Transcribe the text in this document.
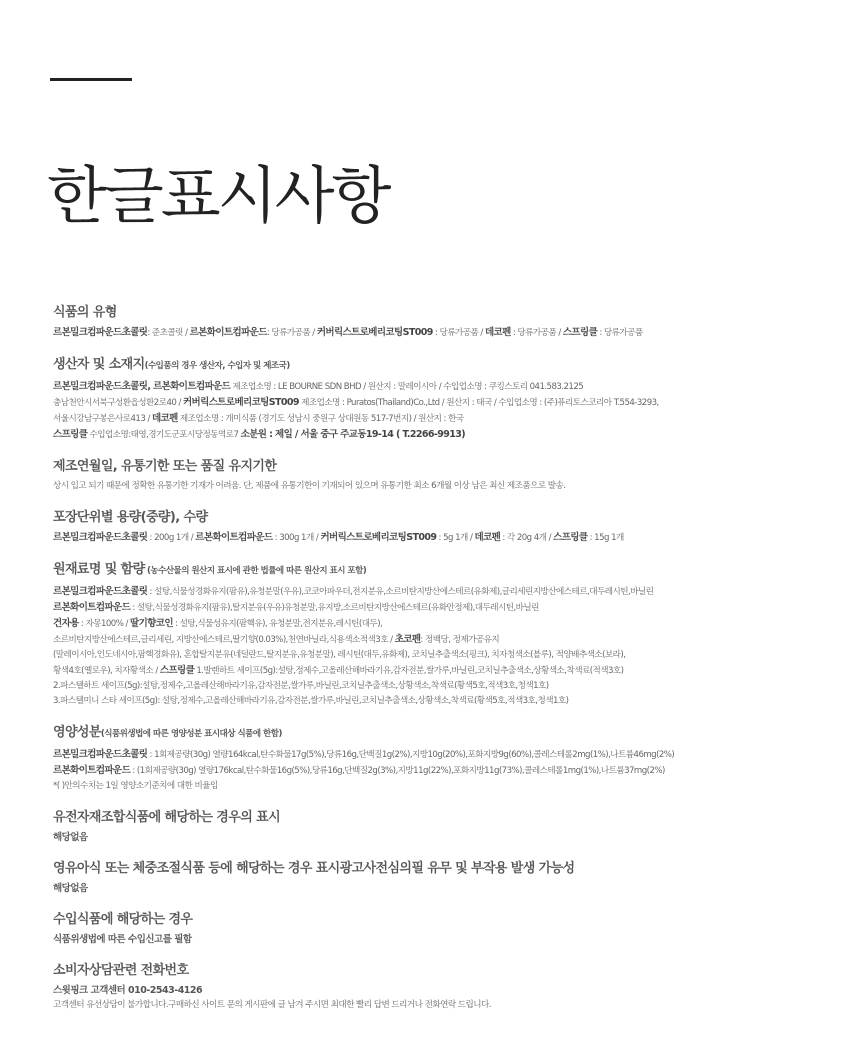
한글표시사항
식품의 유형
르본밀크컴파운드초콜릿: 준초콜릿 / 르본화이트컴파운드: 당류가공품 / 커버릭스트로베리코팅ST009 : 당류가공품 / 데코펜 : 당류가공품 / 스프링클 : 당류가공품
생산자 및 소재지(수입품의 경우 생산자, 수입자 및 제조국)
르본밀크컴파운드초콜릿, 르본화이트컴파운드 제조업소명 : LE BOURNE SDN BHD / 원산지 : 말레이시아 / 수입업소명 : 쿠킹스토리 041.583.2125
충남천안시서북구성환읍성환2로40 / 커버릭스트로베리코팅ST009 제조업소명 : Puratos(Thailand)Co.,Ltd / 원산지 : 태국 / 수입업소명 : (주)퓨리토스코리아 T.554-3293,
서울시강남구봉은사로413 / 데코펜 제조업소명 : 개미식품 (경기도 성남시 중원구 상대원동 517-7번지) / 원산지 : 한국
스프링클 수입업소명:태영,경기도군포시당정동역로7 소분원 : 제일 / 서울 중구 주교동19-14 ( T.2266-9913)
제조연월일, 유통기한 또는 품질 유지기한
상시 입고 되기 때문에 정확한 유통기한 기재가 어려움. 단, 제품에 유통기한이 기재되어 있으며 유통기한 최소 6개월 이상 남은 최신 제조품으로 발송.
포장단위별 용량(중량), 수량
르본밀크컴파운드초콜릿 : 200g 1개 / 르본화이트컴파운드 : 300g 1개 / 커버릭스트로베리코팅ST009 : 5g 1개 / 데코펜 : 각 20g 4개 / 스프링클 : 15g 1개
원재료명 및 함량 (농수산물의 원산지 표시에 관한 법률에 따른 원산지 표시 포함)
르본밀크컴파운드초콜릿 : 설탕,식물성경화유지(팜유),유청분말(우유),코코아파우더,전지분유,소르비탄지방산에스테르(유화제),글리세린지방산에스테르,대두레시틴,바닐린
르본화이트컴파운드 : 설탕,식물성경화유지(팜유),탈지분유(우유)유청분말,유지방,소르비탄지방산에스테르(유화안정제),대두레시틴,바닐린
건자용 : 자몽100% / 딸기향코인 : 설탕,식물성유지(팜핵유), 유청분말,전지분유,레시틴(대두),
소르비탄지방산에스테르,글리세린, 지방산에스테르,딸기향(0.03%),천연바닐라,식용색소적색3호 / 초코펜: 정백당, 정제가공유지
(말레이시아,인도네시아,팜핵경화유), 혼합탈지분유(네덜란드,탈지분유,유청분말), 레시틴(대두,유화제), 코치닐추출색소(핑크), 치자청색소(블루), 적양배추색소(보라),
황색4호(옐로우), 치자황색소 / 스프링클 1.발렌하트 세이프(5g):설탕,정제수,고올레산해바라기유,감자전분,쌀가루,바닐린,코치닐추출색소,상황색소,착색료(적색3호)
2.파스텔하트 세이프(5g):설탕,정제수,고올레산해바라기유,감자전분,쌀가루,바닐린,코치닐추출색소,상황색소,착색료(황색5호,적색3호,청색1호)
3.파스텔미니 스타 세이프(5g): 설탕,정제수,고올레산해바라기유,감자전분,쌀가루,바닐린,코치닐추출색소,상황색소,착색료(황색5호,적색3호,청색1호)
영양성분(식품위생법에 따른 영양성분 표시대상 식품에 한함)
르본밀크컴파운드초콜릿 : 1회제공량(30g) 열량164kcal,탄수화물17g(5%),당류16g,단백질1g(2%),지방10g(20%),포화지방9g(60%),콜레스테롤2mg(1%),나트륨46mg(2%)
르본화이트컴파운드 : (1회제공량(30g) 열량176kcal,탄수화물16g(5%),당류16g,단백질2g(3%),지방11g(22%),포화지방11g(73%),콜레스테롤1mg(1%),나트륨37mg(2%)
*( )안의수치는 1일 영양소기준치에 대한 비율임
유전자재조합식품에 해당하는 경우의 표시
해당없음
영유아식 또는 체중조절식품 등에 해당하는 경우 표시광고사전심의필 유무 및 부작용 발생 가능성
해당없음
수입식품에 해당하는 경우
식품위생법에 따른 수입신고를 필함
소비자상담관련 전화번호
스윗핑크 고객센터 010-2543-4126
고객센터 유선상담이 불가합니다.구매하신 사이트 문의 게시판에 글 남겨 주시면 최대한 빨리 답변 드리거나 전화연락 드립니다.
